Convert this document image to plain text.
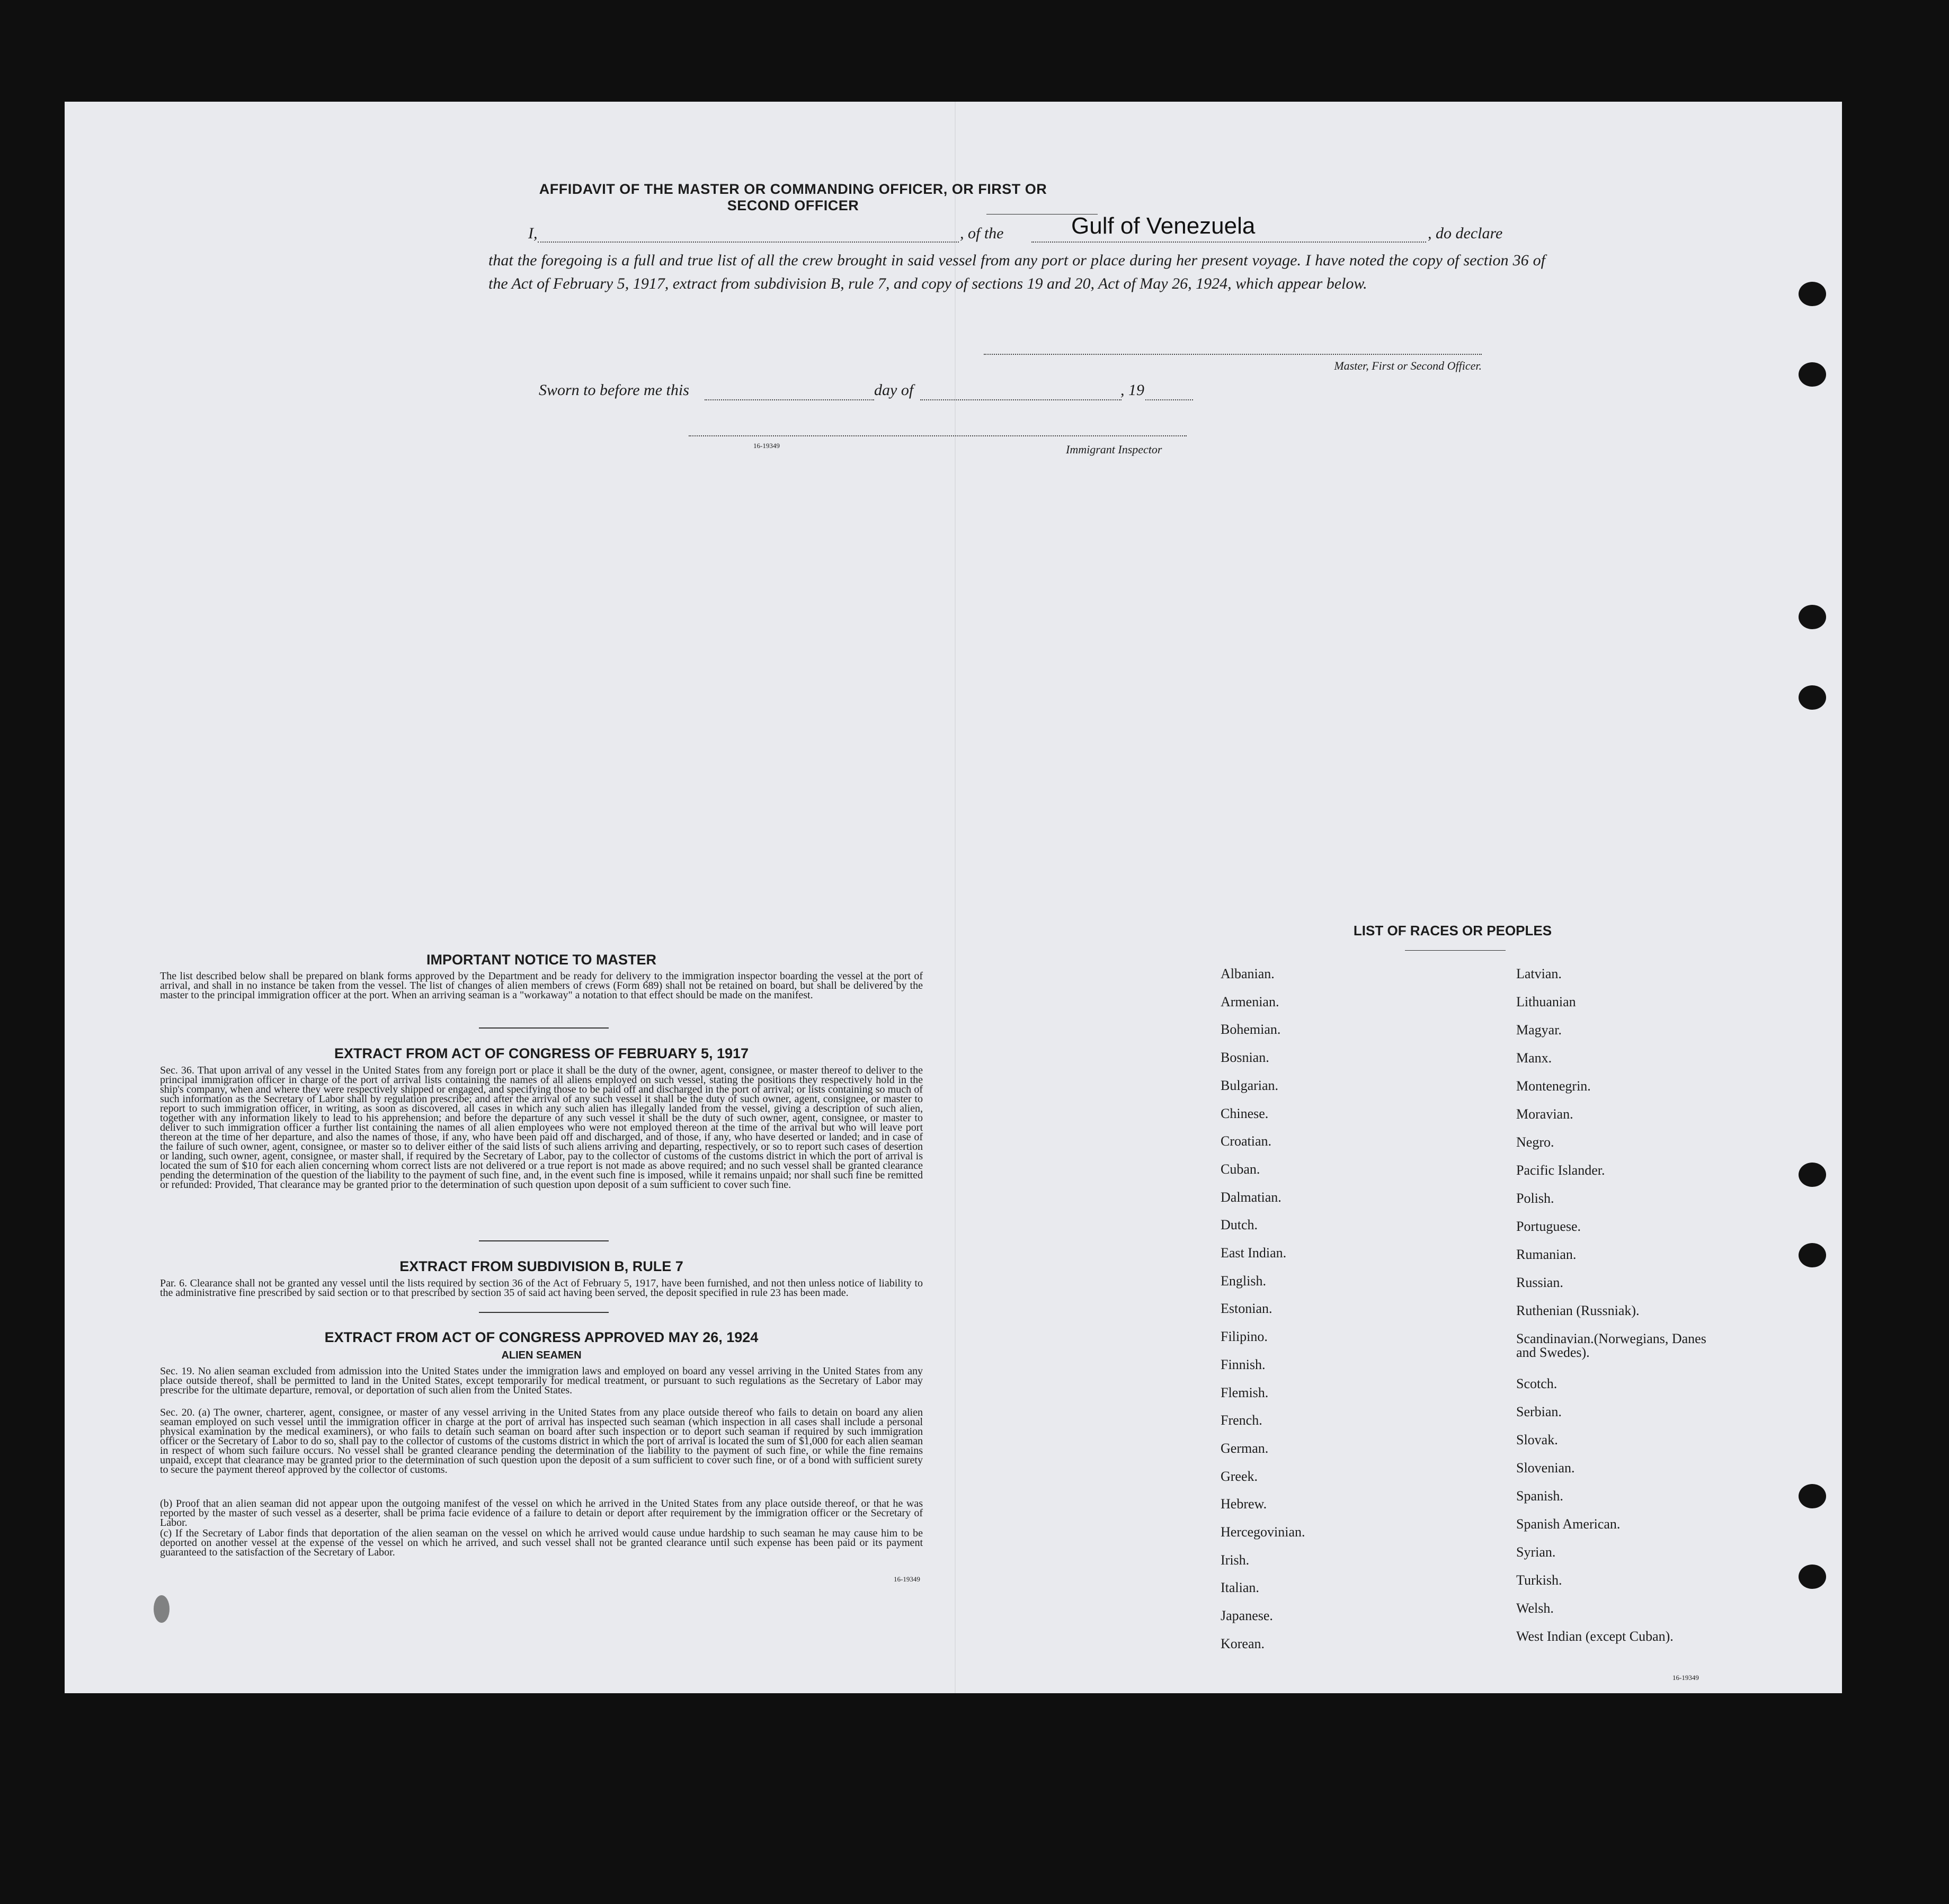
AFFIDAVIT OF THE MASTER OR COMMANDING OFFICER, OR FIRST OR SECOND OFFICER
I,	, of the	, do declare
Gulf of Venezuela
that the foregoing is a full and true list of all the crew brought in said vessel from any port or place during her present voyage. I have noted the copy of section 36 of the Act of February 5, 1917, extract from subdivision B, rule 7, and copy of sections 19 and 20, Act of May 26, 1924, which appear below.
Master, First or Second Officer.
Sworn to before me this	day of	, 19
16-19349	Immigrant Inspector
IMPORTANT NOTICE TO MASTER
The list described below shall be prepared on blank forms approved by the Department and be ready for delivery to the immigration inspector boarding the vessel at the port of arrival, and shall in no instance be taken from the vessel. The list of changes of alien members of crews (Form 689) shall not be retained on board, but shall be delivered by the master to the principal immigration officer at the port. When an arriving seaman is a "workaway" a notation to that effect should be made on the manifest.
EXTRACT FROM ACT OF CONGRESS OF FEBRUARY 5, 1917
Sec. 36. That upon arrival of any vessel in the United States from any foreign port or place it shall be the duty of the owner, agent, consignee, or master thereof to deliver to the principal immigration officer in charge of the port of arrival lists containing the names of all aliens employed on such vessel, stating the positions they respectively hold in the ship's company, when and where they were respectively shipped or engaged, and specifying those to be paid off and discharged in the port of arrival; or lists containing so much of such information as the Secretary of Labor shall by regulation prescribe; and after the arrival of any such vessel it shall be the duty of such owner, agent, consignee, or master to report to such immigration officer, in writing, as soon as discovered, all cases in which any such alien has illegally landed from the vessel, giving a description of such alien, together with any information likely to lead to his apprehension; and before the departure of any such vessel it shall be the duty of such owner, agent, consignee, or master to deliver to such immigration officer a further list containing the names of all alien employees who were not employed thereon at the time of the arrival but who will leave port thereon at the time of her departure, and also the names of those, if any, who have been paid off and discharged, and of those, if any, who have deserted or landed; and in case of the failure of such owner, agent, consignee, or master so to deliver either of the said lists of such aliens arriving and departing, respectively, or so to report such cases of desertion or landing, such owner, agent, consignee, or master shall, if required by the Secretary of Labor, pay to the collector of customs of the customs district in which the port of arrival is located the sum of $10 for each alien concerning whom correct lists are not delivered or a true report is not made as above required; and no such vessel shall be granted clearance pending the determination of the question of the liability to the payment of such fine, and, in the event such fine is imposed, while it remains unpaid; nor shall such fine be remitted or refunded: Provided, That clearance may be granted prior to the determination of such question upon deposit of a sum sufficient to cover such fine.
EXTRACT FROM SUBDIVISION B, RULE 7
Par. 6. Clearance shall not be granted any vessel until the lists required by section 36 of the Act of February 5, 1917, have been furnished, and not then unless notice of liability to the administrative fine prescribed by said section or to that prescribed by section 35 of said act having been served, the deposit specified in rule 23 has been made.
EXTRACT FROM ACT OF CONGRESS APPROVED MAY 26, 1924
ALIEN SEAMEN
Sec. 19. No alien seaman excluded from admission into the United States under the immigration laws and employed on board any vessel arriving in the United States from any place outside thereof, shall be permitted to land in the United States, except temporarily for medical treatment, or pursuant to such regulations as the Secretary of Labor may prescribe for the ultimate departure, removal, or deportation of such alien from the United States.
Sec. 20. (a) The owner, charterer, agent, consignee, or master of any vessel arriving in the United States from any place outside thereof who fails to detain on board any alien seaman employed on such vessel until the immigration officer in charge at the port of arrival has inspected such seaman (which inspection in all cases shall include a personal physical examination by the medical examiners), or who fails to detain such seaman on board after such inspection or to deport such seaman if required by such immigration officer or the Secretary of Labor to do so, shall pay to the collector of customs of the customs district in which the port of arrival is located the sum of $1,000 for each alien seaman in respect of whom such failure occurs. No vessel shall be granted clearance pending the determination of the liability to the payment of such fine, or while the fine remains unpaid, except that clearance may be granted prior to the determination of such question upon the deposit of a sum sufficient to cover such fine, or of a bond with sufficient surety to secure the payment thereof approved by the collector of customs.
(b) Proof that an alien seaman did not appear upon the outgoing manifest of the vessel on which he arrived in the United States from any place outside thereof, or that he was reported by the master of such vessel as a deserter, shall be prima facie evidence of a failure to detain or deport after requirement by the immigration officer or the Secretary of Labor.
(c) If the Secretary of Labor finds that deportation of the alien seaman on the vessel on which he arrived would cause undue hardship to such seaman he may cause him to be deported on another vessel at the expense of the vessel on which he arrived, and such vessel shall not be granted clearance until such expense has been paid or its payment guaranteed to the satisfaction of the Secretary of Labor.
16-19349
LIST OF RACES OR PEOPLES
Albanian.
Armenian.
Bohemian.
Bosnian.
Bulgarian.
Chinese.
Croatian.
Cuban.
Dalmatian.
Dutch.
East Indian.
English.
Estonian.
Filipino.
Finnish.
Flemish.
French.
German.
Greek.
Hebrew.
Hercegovinian.
Irish.
Italian.
Japanese.
Korean.
Latvian.
Lithuanian
Magyar.
Manx.
Montenegrin.
Moravian.
Negro.
Pacific Islander.
Polish.
Portuguese.
Rumanian.
Russian.
Ruthenian (Russniak).
Scandinavian.(Norwegians, Danes and Swedes).
Scotch.
Serbian.
Slovak.
Slovenian.
Spanish.
Spanish American.
Syrian.
Turkish.
Welsh.
West Indian (except Cuban).
16-19349
